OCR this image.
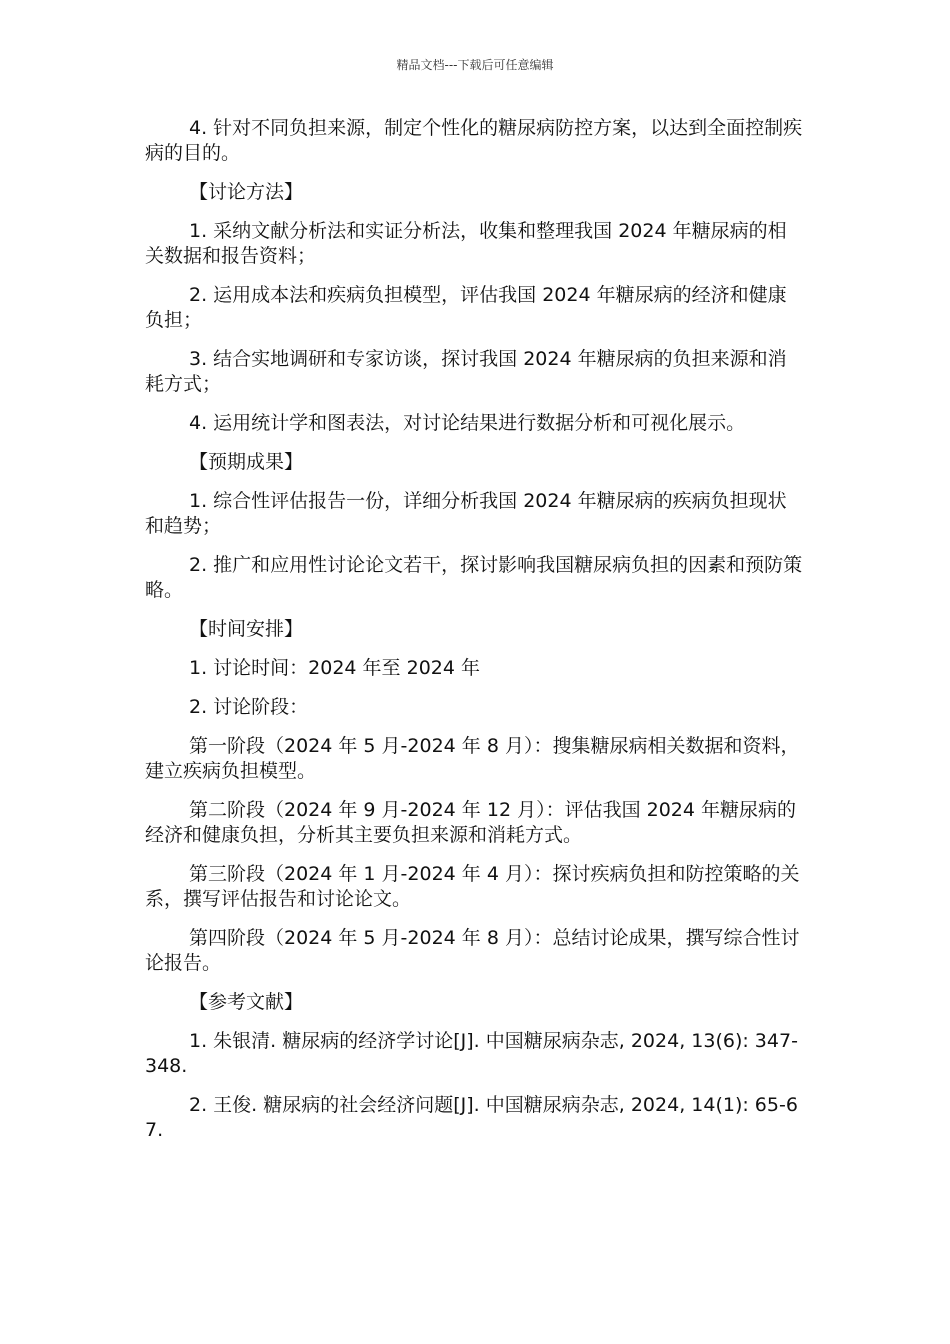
精品文档---下载后可任意编辑

4. 针对不同负担来源，制定个性化的糖尿病防控方案，以达到全面控制疾病的目的。

【讨论方法】

1. 采纳文献分析法和实证分析法，收集和整理我国 2024 年糖尿病的相关数据和报告资料；

2. 运用成本法和疾病负担模型，评估我国 2024 年糖尿病的经济和健康负担；

3. 结合实地调研和专家访谈，探讨我国 2024 年糖尿病的负担来源和消耗方式；

4. 运用统计学和图表法，对讨论结果进行数据分析和可视化展示。

【预期成果】

1. 综合性评估报告一份，详细分析我国 2024 年糖尿病的疾病负担现状和趋势；

2. 推广和应用性讨论论文若干，探讨影响我国糖尿病负担的因素和预防策略。

【时间安排】

1. 讨论时间：2024 年至 2024 年

2. 讨论阶段：

第一阶段（2024 年 5 月-2024 年 8 月）：搜集糖尿病相关数据和资料，建立疾病负担模型。

第二阶段（2024 年 9 月-2024 年 12 月）：评估我国 2024 年糖尿病的经济和健康负担，分析其主要负担来源和消耗方式。

第三阶段（2024 年 1 月-2024 年 4 月）：探讨疾病负担和防控策略的关系，撰写评估报告和讨论论文。

第四阶段（2024 年 5 月-2024 年 8 月）：总结讨论成果，撰写综合性讨论报告。

【参考文献】

1. 朱银清. 糖尿病的经济学讨论[J]. 中国糖尿病杂志, 2024, 13(6): 347-348.

2. 王俊. 糖尿病的社会经济问题[J]. 中国糖尿病杂志, 2024, 14(1): 65-67.
